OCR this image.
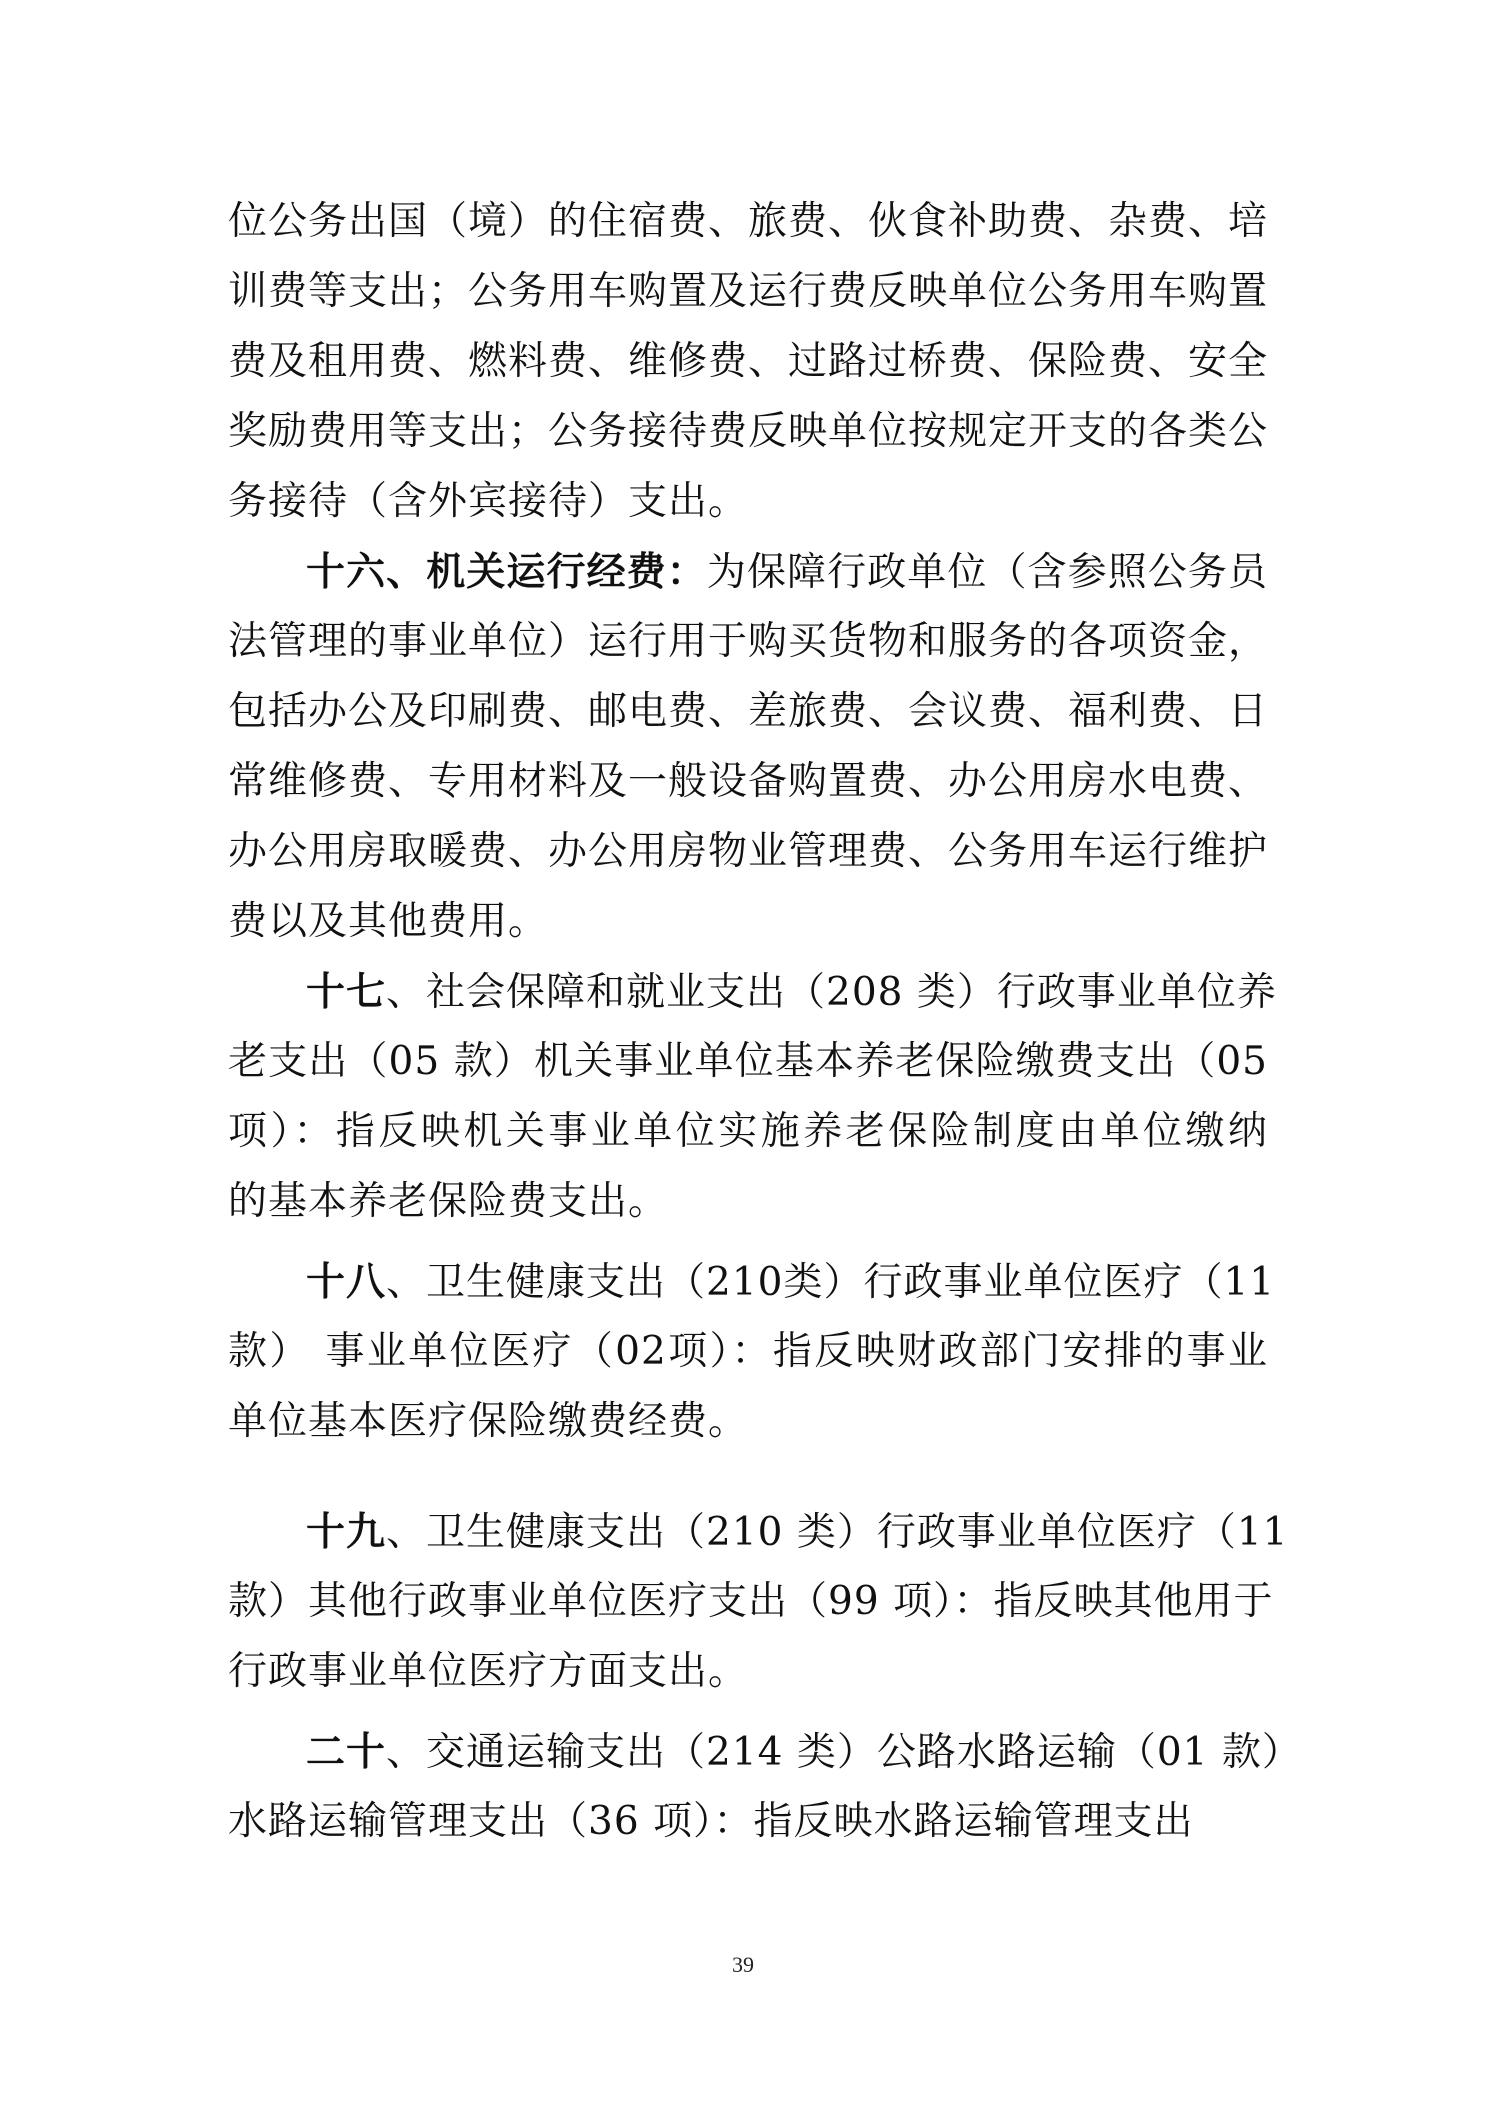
位公务出国（境）的住宿费、旅费、伙食补助费、杂费、培
训费等支出；公务用车购置及运行费反映单位公务用车购置
费及租用费、燃料费、维修费、过路过桥费、保险费、安全
奖励费用等支出；公务接待费反映单位按规定开支的各类公
务接待（含外宾接待）支出。
十六、机关运行经费：为保障行政单位（含参照公务员
法管理的事业单位）运行用于购买货物和服务的各项资金，
包括办公及印刷费、邮电费、差旅费、会议费、福利费、日
常维修费、专用材料及一般设备购置费、办公用房水电费、
办公用房取暖费、办公用房物业管理费、公务用车运行维护
费以及其他费用。
十七、社会保障和就业支出（208 类）行政事业单位养
老支出（05 款）机关事业单位基本养老保险缴费支出（05
项）：指反映机关事业单位实施养老保险制度由单位缴纳
的基本养老保险费支出。
十八、卫生健康支出（210类）行政事业单位医疗（11
款） 事业单位医疗（02项）：指反映财政部门安排的事业
单位基本医疗保险缴费经费。
十九、卫生健康支出（210 类）行政事业单位医疗（11
款）其他行政事业单位医疗支出（99 项）：指反映其他用于
行政事业单位医疗方面支出。
二十、交通运输支出（214 类）公路水路运输（01 款）
水路运输管理支出（36 项）：指反映水路运输管理支出
39
